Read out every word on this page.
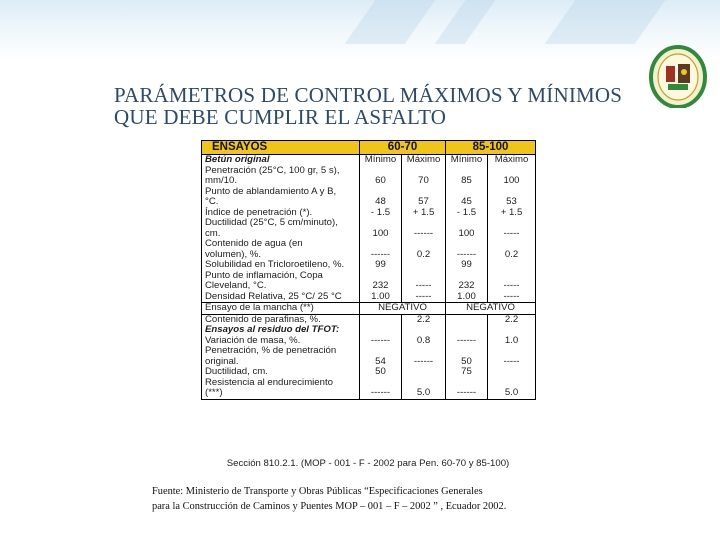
PARÁMETROS DE CONTROL MÁXIMOS Y MÍNIMOS QUE DEBE CUMPLIR EL ASFALTO
ENSAYOS	60-70		85-100	
Betún original	Mínimo	Máximo	Mínimo	Máximo
Penetración (25°C, 100 gr, 5 s),				
mm/10.	60	70	85	100
Punto de ablandamiento A y B,				
°C.	48	57	45	53
Índice de penetración (*).	- 1.5	+ 1.5	- 1.5	+ 1.5
Ductilidad (25°C, 5 cm/minuto),				
cm.	100	------	100	-----
Contenido de agua (en				
volumen), %.	------	0.2	------	0.2
Solubilidad en Tricloroetileno, %.	99		99	
Punto de inflamación, Copa				
Cleveland, °C.	232	-----	232	-----
Densidad Relativa, 25 °C/ 25 °C	1.00	-----	1.00	-----
Ensayo de la mancha (**)	NEGATIVO		NEGATIVO	
Contenido de parafinas, %.		2.2		2.2
Ensayos al residuo del TFOT:				
Variación de masa, %.	------	0.8	------	1.0
Penetración, % de penetración				
original.	54	------	50	-----
Ductilidad, cm.	50		75	
Resistencia al endurecimiento				
(***)	------	5.0	------	5.0
Sección 810.2.1. (MOP - 001 - F - 2002 para Pen. 60-70 y 85-100)

Fuente: Ministerio de Transporte y Obras Públicas “Especificaciones Generales
para la Construcción de Caminos y Puentes MOP – 001 – F – 2002 ” , Ecuador 2002.
